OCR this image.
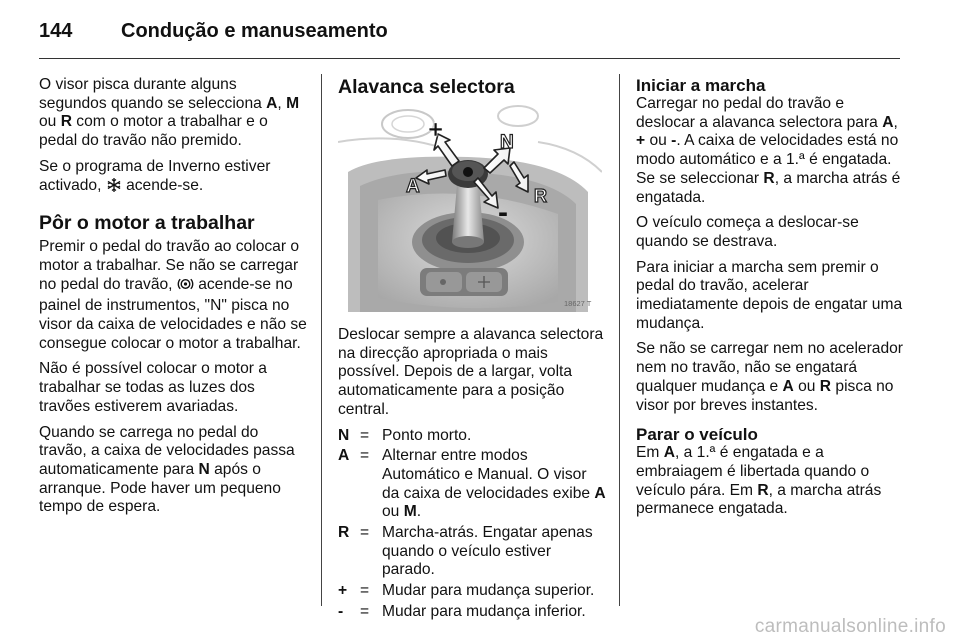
144 Condução e manuseamento

O visor pisca durante alguns segundos quando se selecciona A, M ou R com o motor a trabalhar e o pedal do travão não premido.

Se o programa de Inverno estiver activado,  acende-se.

Pôr o motor a trabalhar

Premir o pedal do travão ao colocar o motor a trabalhar. Se não se carregar no pedal do travão,  acende-se no painel de instrumentos, "N" pisca no visor da caixa de velocidades e não se consegue colocar o motor a trabalhar.

Não é possível colocar o motor a trabalhar se todas as luzes dos travões estiverem avariadas.

Quando se carrega no pedal do travão, a caixa de velocidades passa automaticamente para N após o arranque. Pode haver um pequeno tempo de espera.

Alavanca selectora
+	N
A
- R
18627 T

Deslocar sempre a alavanca selectora na direcção apropriada o mais possível. Depois de a largar, volta automaticamente para a posição central.

N = Ponto morto.
A = Alternar entre modos Automático e Manual. O visor da caixa de velocidades exibe A ou M.
R = Marcha-atrás. Engatar apenas quando o veículo estiver parado.
+ = Mudar para mudança superior.
-	= Mudar para mudança inferior.
Iniciar a marcha

Carregar no pedal do travão e deslocar a alavanca selectora para A, + ou -. A caixa de velocidades está no modo automático e a 1.ª é engatada. Se se seleccionar R, a marcha atrás é engatada.

O veículo começa a deslocar-se quando se destrava.

Para iniciar a marcha sem premir o pedal do travão, acelerar imediatamente depois de engatar uma mudança.

Se não se carregar nem no acelerador nem no travão, não se engatará qualquer mudança e A ou R pisca no visor por breves instantes.

Parar o veículo

Em A, a 1.ª é engatada e a embraiagem é libertada quando o veículo pára. Em R, a marcha atrás permanece engatada.

carmanualsonline.info
